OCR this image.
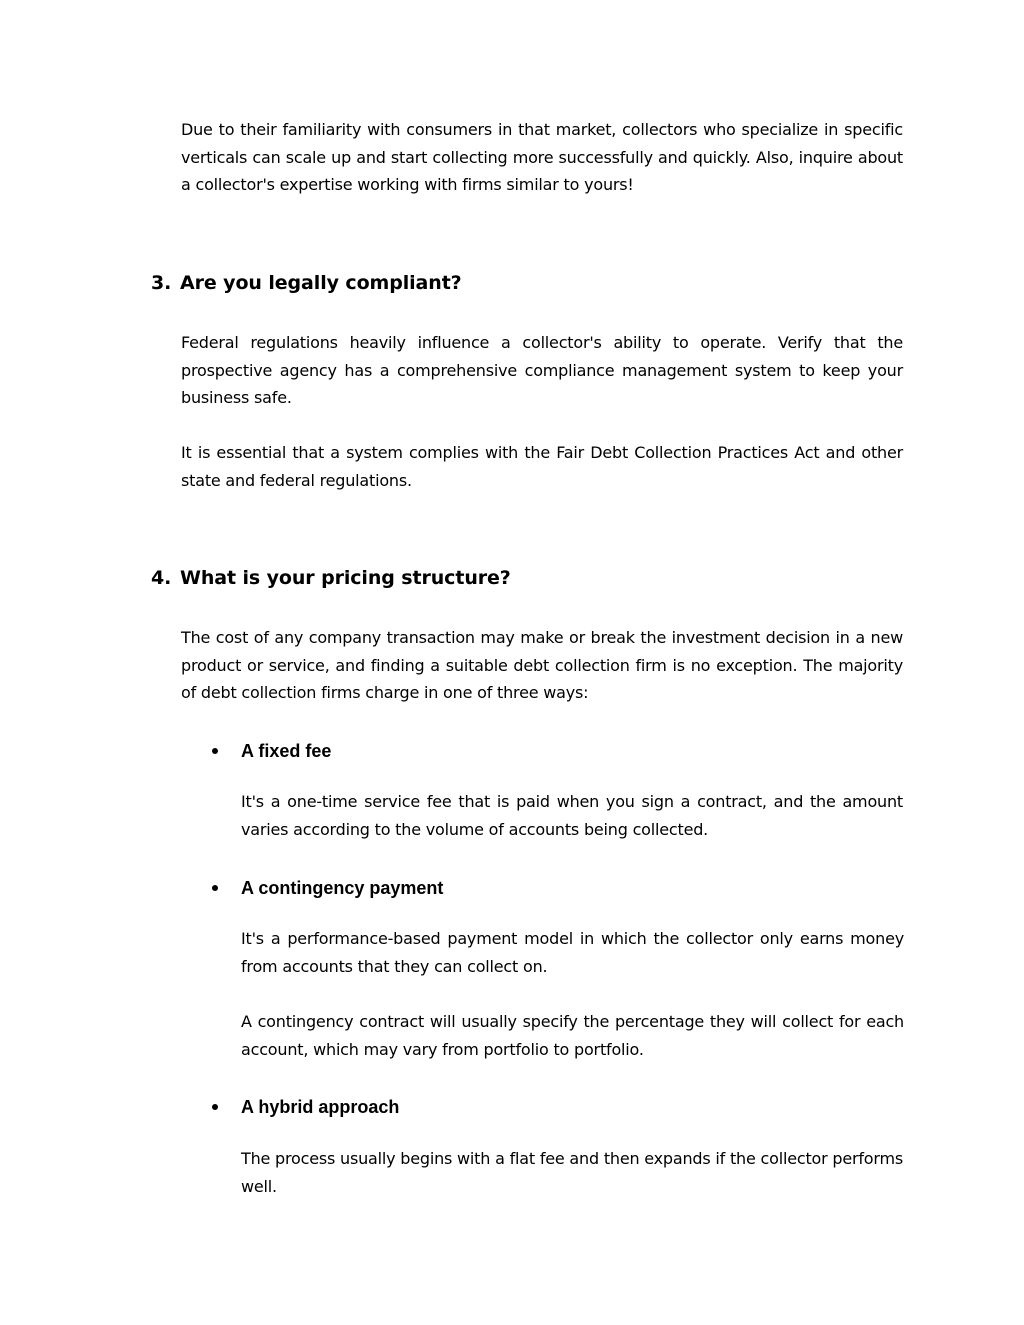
Due to their familiarity with consumers in that market, collectors who specialize in specific verticals can scale up and start collecting more successfully and quickly. Also, inquire about a collector's expertise working with firms similar to yours!

3. Are you legally compliant?

Federal regulations heavily influence a collector's ability to operate. Verify that the prospective agency has a comprehensive compliance management system to keep your business safe.

It is essential that a system complies with the Fair Debt Collection Practices Act and other state and federal regulations.

4. What is your pricing structure?

The cost of any company transaction may make or break the investment decision in a new product or service, and finding a suitable debt collection firm is no exception. The majority of debt collection firms charge in one of three ways:

A fixed fee

It's a one-time service fee that is paid when you sign a contract, and the amount varies according to the volume of accounts being collected.

A contingency payment

It's a performance-based payment model in which the collector only earns money from accounts that they can collect on.

A contingency contract will usually specify the percentage they will collect for each account, which may vary from portfolio to portfolio.

A hybrid approach

The process usually begins with a flat fee and then expands if the collector performs well.
